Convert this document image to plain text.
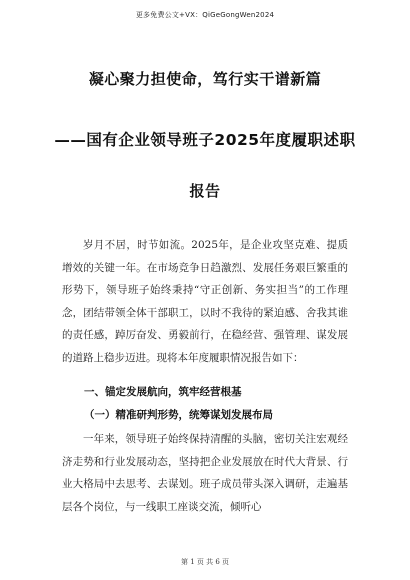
更多免费公文+VX：QiGeGongWen2024
凝心聚力担使命，笃行实干谱新篇
——国有企业领导班子2025年度履职述职
报告
岁月不居，时节如流。2025年，是企业攻坚克难、提质增效的关键一年。在市场竞争日趋激烈、发展任务艰巨繁重的形势下，领导班子始终秉持“守正创新、务实担当”的工作理念，团结带领全体干部职工，以时不我待的紧迫感、舍我其谁的责任感，踔厉奋发、勇毅前行，在稳经营、强管理、谋发展的道路上稳步迈进。现将本年度履职情况报告如下：
一、锚定发展航向，筑牢经营根基
（一）精准研判形势，统筹谋划发展布局
一年来，领导班子始终保持清醒的头脑，密切关注宏观经济走势和行业发展动态，坚持把企业发展放在时代大背景、行业大格局中去思考、去谋划。班子成员带头深入调研，走遍基层各个岗位，与一线职工座谈交流，倾听心
第 1 页 共 6 页
